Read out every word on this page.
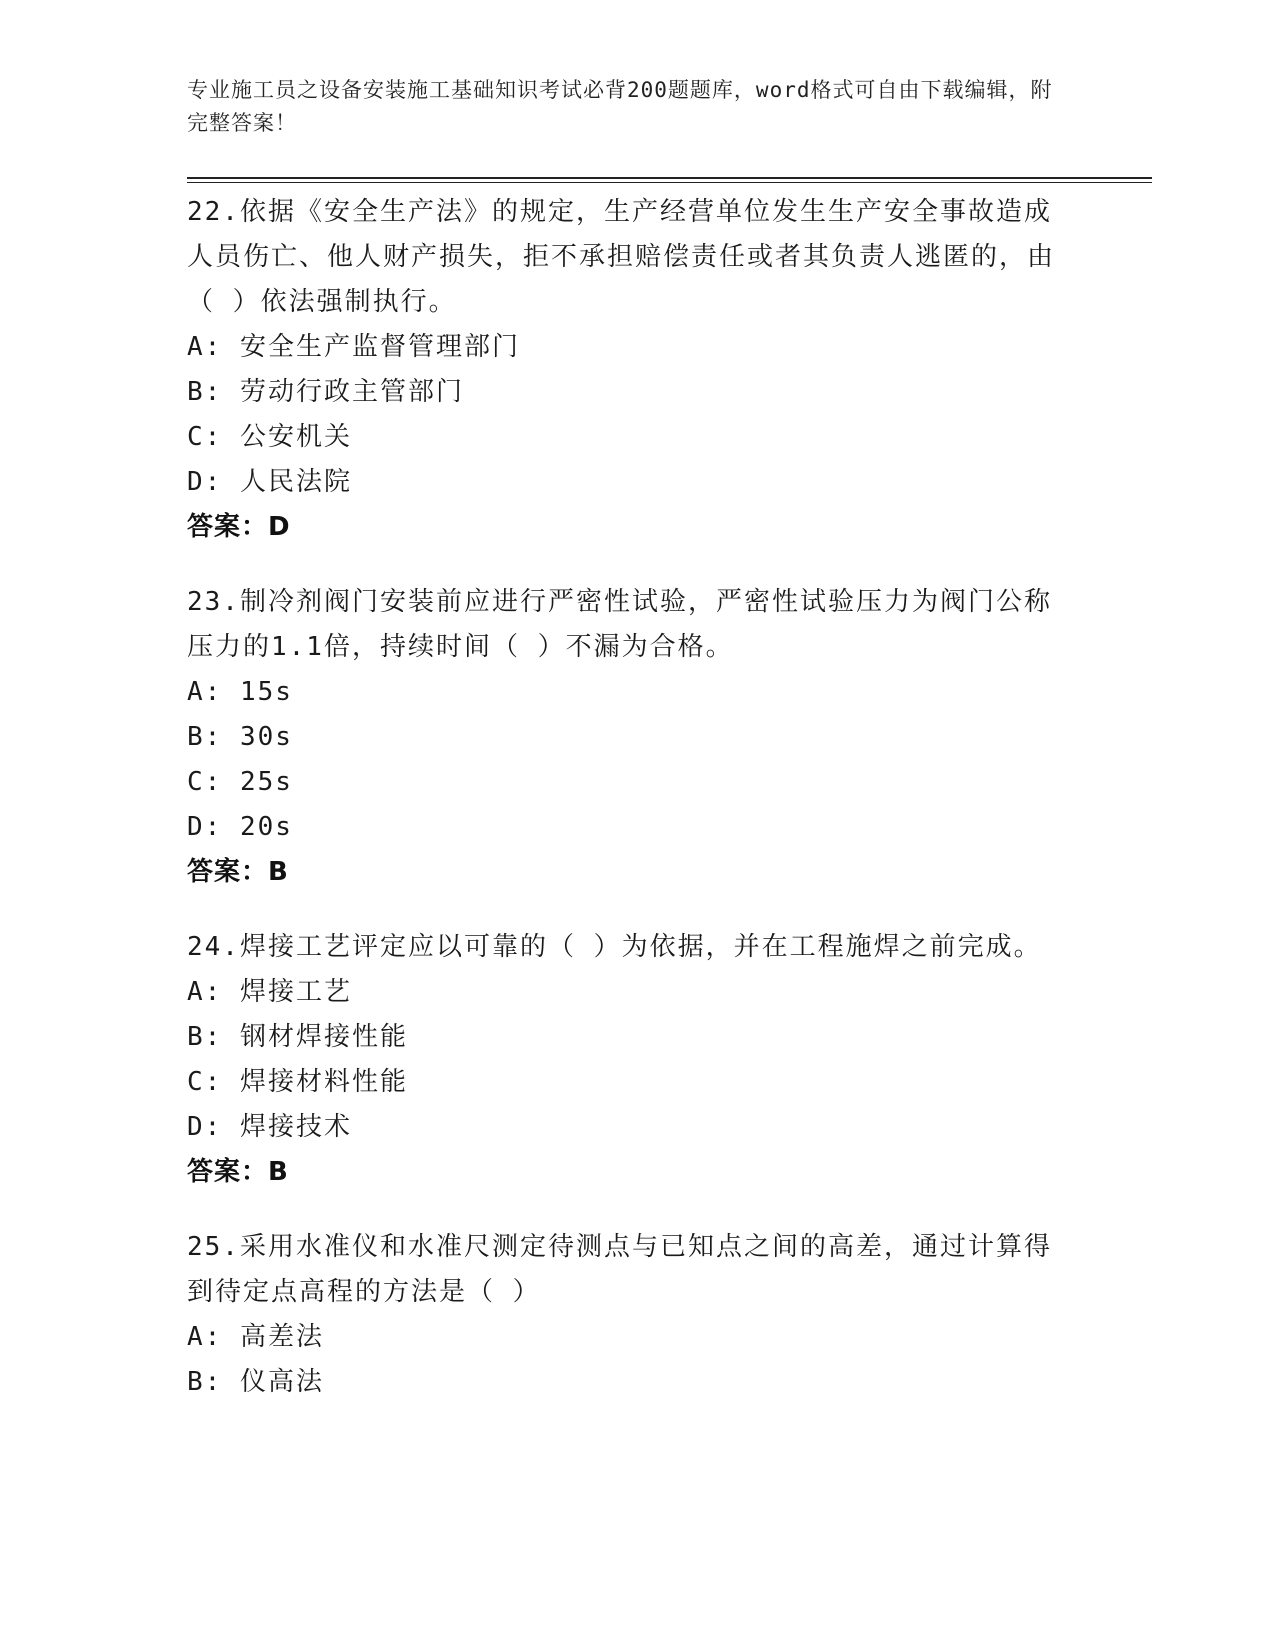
专业施工员之设备安装施工基础知识考试必背200题题库，word格式可自由下载编辑，附完整答案！
22.依据《安全生产法》的规定，生产经营单位发生生产安全事故造成人员伤亡、他人财产损失，拒不承担赔偿责任或者其负责人逃匿的，由（ ）依法强制执行。
A: 安全生产监督管理部门
B: 劳动行政主管部门
C: 公安机关
D: 人民法院
答案：D
23.制冷剂阀门安装前应进行严密性试验，严密性试验压力为阀门公称压力的1.1倍，持续时间（ ）不漏为合格。
A: 15s
B: 30s
C: 25s
D: 20s
答案：B
24.焊接工艺评定应以可靠的（ ）为依据，并在工程施焊之前完成。
A: 焊接工艺
B: 钢材焊接性能
C: 焊接材料性能
D: 焊接技术
答案：B
25.采用水准仪和水准尺测定待测点与已知点之间的高差，通过计算得到待定点高程的方法是（ ）
A: 高差法
B: 仪高法
